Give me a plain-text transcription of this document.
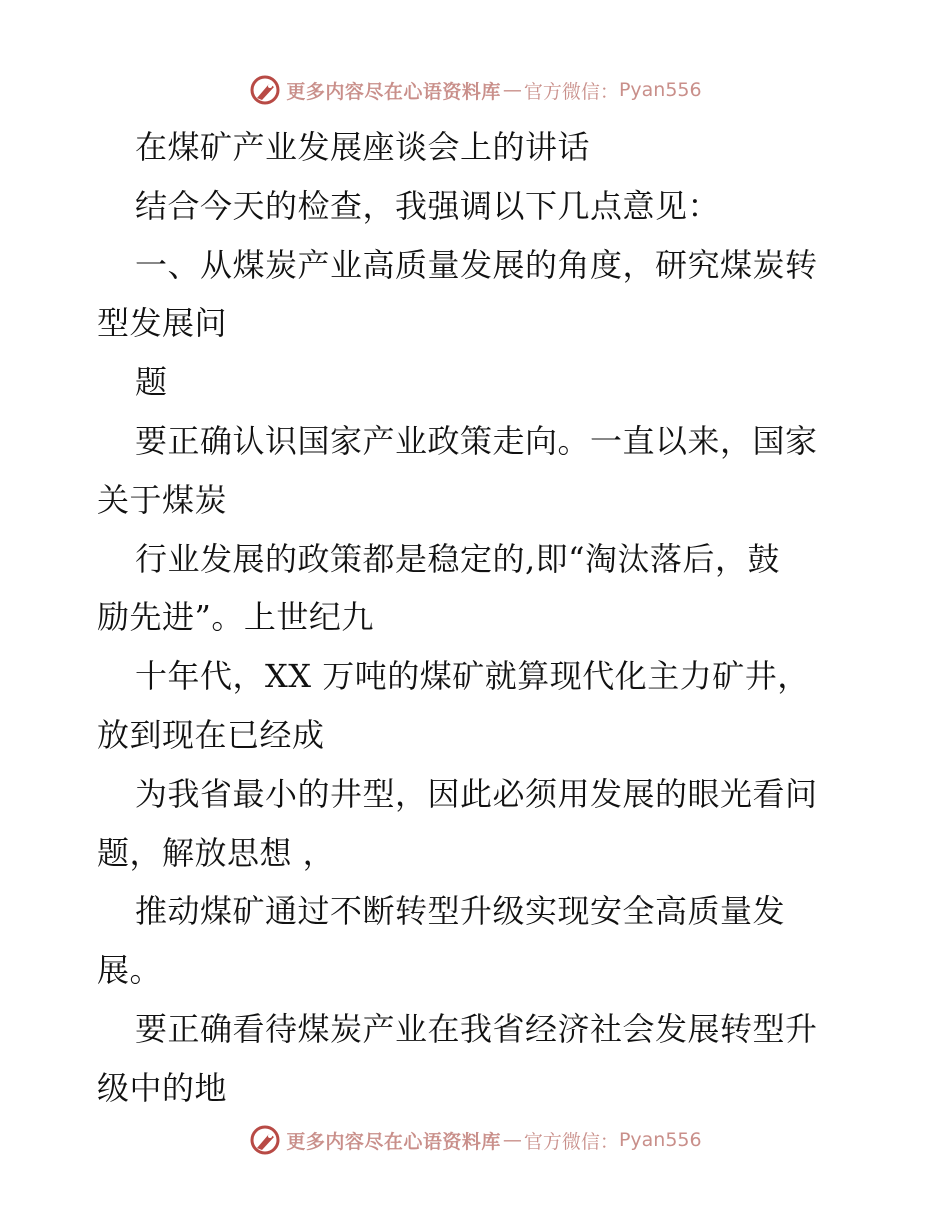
更多内容尽在心语资料库 — 官方微信： Pyan556
在煤矿产业发展座谈会上的讲话
结合今天的检查，我强调以下几点意见：
一、从煤炭产业高质量发展的角度，研究煤炭转
型发展问
题
要正确认识国家产业政策走向。一直以来，国家
关于煤炭
行业发展的政策都是稳定的,即“淘汰落后，鼓
励先进”。上世纪九
十年代，XX 万吨的煤矿就算现代化主力矿井，
放到现在已经成
为我省最小的井型，因此必须用发展的眼光看问
题，解放思想 ，
推动煤矿通过不断转型升级实现安全高质量发
展。
要正确看待煤炭产业在我省经济社会发展转型升
级中的地
更多内容尽在心语资料库 — 官方微信： Pyan556
